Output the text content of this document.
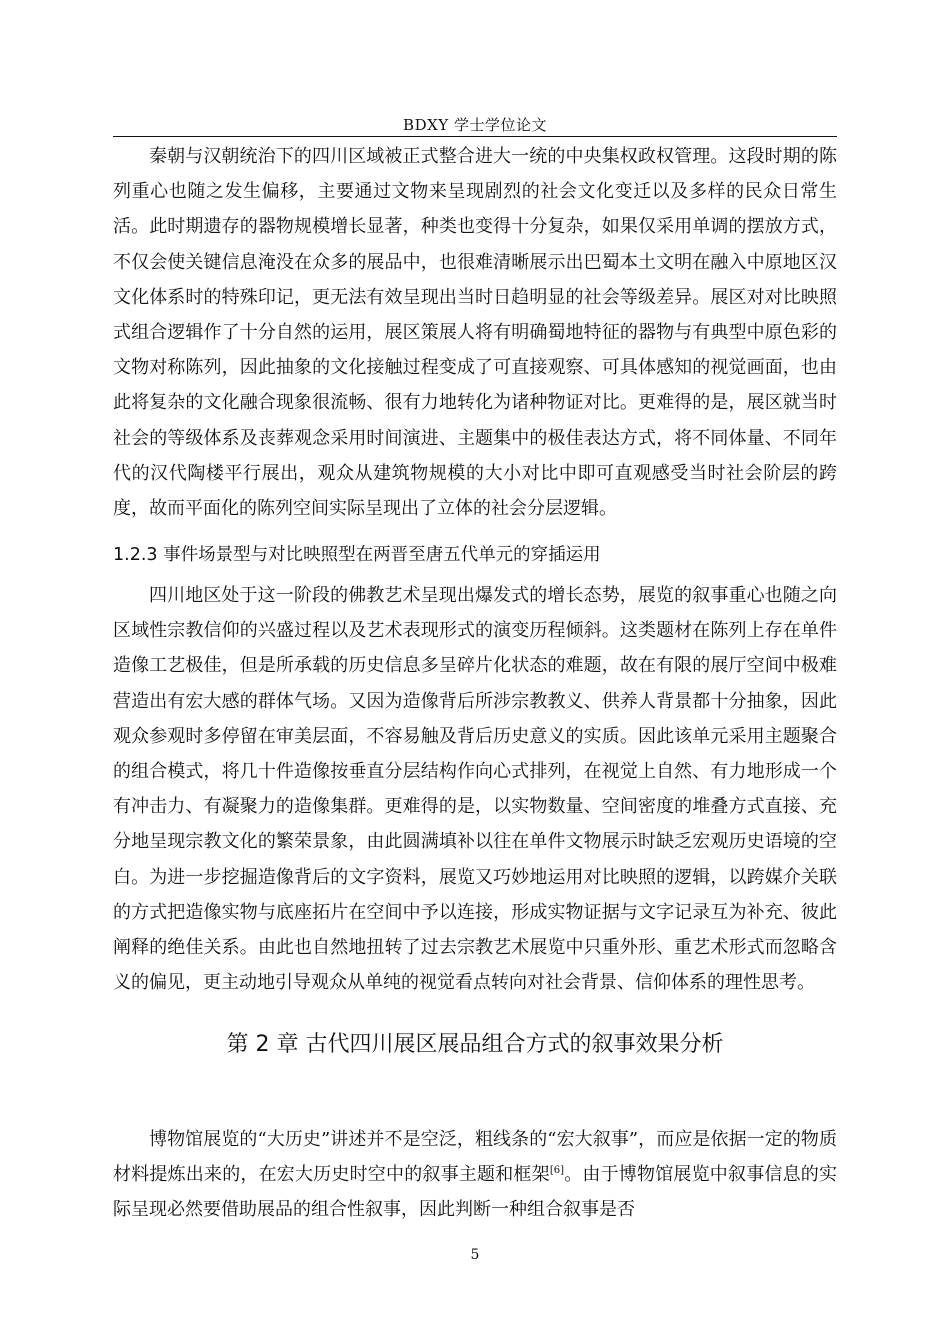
BDXY 学士学位论文

秦朝与汉朝统治下的四川区域被正式整合进大一统的中央集权政权管理。这段时期的陈列重心也随之发生偏移，主要通过文物来呈现剧烈的社会文化变迁以及多样的民众日常生活。此时期遗存的器物规模增长显著，种类也变得十分复杂，如果仅采用单调的摆放方式，不仅会使关键信息淹没在众多的展品中，也很难清晰展示出巴蜀本土文明在融入中原地区汉文化体系时的特殊印记，更无法有效呈现出当时日趋明显的社会等级差异。展区对对比映照式组合逻辑作了十分自然的运用，展区策展人将有明确蜀地特征的器物与有典型中原色彩的文物对称陈列，因此抽象的文化接触过程变成了可直接观察、可具体感知的视觉画面，也由此将复杂的文化融合现象很流畅、很有力地转化为诸种物证对比。更难得的是，展区就当时社会的等级体系及丧葬观念采用时间演进、主题集中的极佳表达方式，将不同体量、不同年代的汉代陶楼平行展出，观众从建筑物规模的大小对比中即可直观感受当时社会阶层的跨度，故而平面化的陈列空间实际呈现出了立体的社会分层逻辑。

1.2.3 事件场景型与对比映照型在两晋至唐五代单元的穿插运用

四川地区处于这一阶段的佛教艺术呈现出爆发式的增长态势，展览的叙事重心也随之向区域性宗教信仰的兴盛过程以及艺术表现形式的演变历程倾斜。这类题材在陈列上存在单件造像工艺极佳，但是所承载的历史信息多呈碎片化状态的难题，故在有限的展厅空间中极难营造出有宏大感的群体气场。又因为造像背后所涉宗教教义、供养人背景都十分抽象，因此观众参观时多停留在审美层面，不容易触及背后历史意义的实质。因此该单元采用主题聚合的组合模式，将几十件造像按垂直分层结构作向心式排列，在视觉上自然、有力地形成一个有冲击力、有凝聚力的造像集群。更难得的是，以实物数量、空间密度的堆叠方式直接、充分地呈现宗教文化的繁荣景象，由此圆满填补以往在单件文物展示时缺乏宏观历史语境的空白。为进一步挖掘造像背后的文字资料，展览又巧妙地运用对比映照的逻辑，以跨媒介关联的方式把造像实物与底座拓片在空间中予以连接，形成实物证据与文字记录互为补充、彼此阐释的绝佳关系。由此也自然地扭转了过去宗教艺术展览中只重外形、重艺术形式而忽略含义的偏见，更主动地引导观众从单纯的视觉看点转向对社会背景、信仰体系的理性思考。

第 2 章 古代四川展区展品组合方式的叙事效果分析

博物馆展览的“大历史”讲述并不是空泛，粗线条的“宏大叙事”，而应是依据一定的物质材料提炼出来的，在宏大历史时空中的叙事主题和框架[6]。由于博物馆展览中叙事信息的实际呈现必然要借助展品的组合性叙事，因此判断一种组合叙事是否

5
